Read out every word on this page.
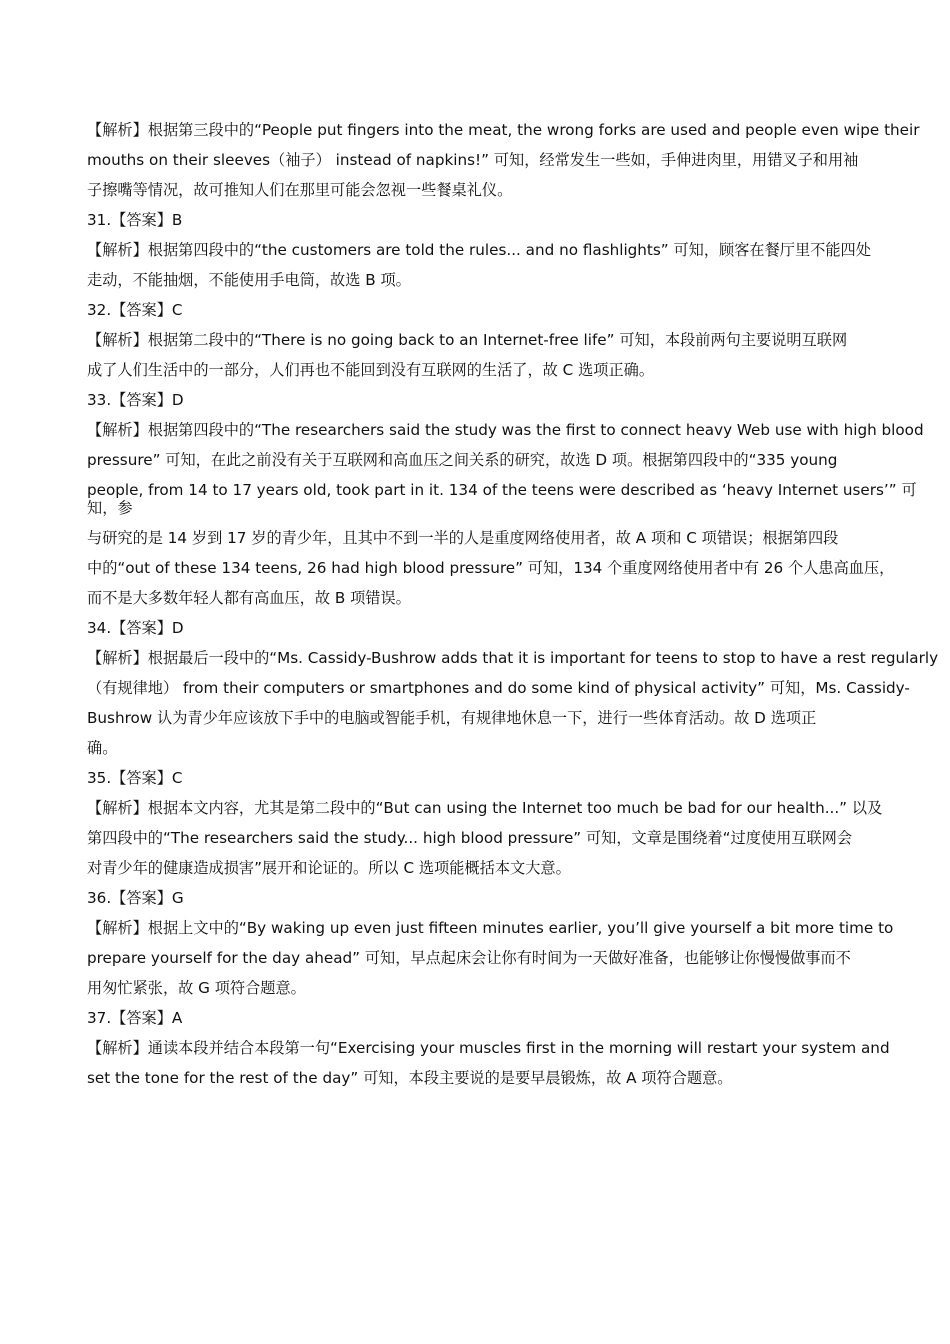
【解析】根据第三段中的“People put fingers into the meat, the wrong forks are used and people even wipe their
mouths on their sleeves（袖子） instead of napkins!” 可知，经常发生一些如，手伸进肉里，用错叉子和用袖
子擦嘴等情况，故可推知人们在那里可能会忽视一些餐桌礼仪。
31.【答案】B
【解析】根据第四段中的“the customers are told the rules... and no flashlights” 可知，顾客在餐厅里不能四处
走动，不能抽烟，不能使用手电筒，故选 B 项。
32.【答案】C
【解析】根据第二段中的“There is no going back to an Internet-free life” 可知，本段前两句主要说明互联网
成了人们生活中的一部分，人们再也不能回到没有互联网的生活了，故 C 选项正确。
33.【答案】D
【解析】根据第四段中的“The researchers said the study was the first to connect heavy Web use with high blood
pressure” 可知，在此之前没有关于互联网和高血压之间关系的研究，故选 D 项。根据第四段中的“335 young
people, from 14 to 17 years old, took part in it. 134 of the teens were described as ‘heavy Internet users’” 可知，参
与研究的是 14 岁到 17 岁的青少年，且其中不到一半的人是重度网络使用者，故 A 项和 C 项错误；根据第四段
中的“out of these 134 teens, 26 had high blood pressure” 可知，134 个重度网络使用者中有 26 个人患高血压，
而不是大多数年轻人都有高血压，故 B 项错误。
34.【答案】D
【解析】根据最后一段中的“Ms. Cassidy-Bushrow adds that it is important for teens to stop to have a rest regularly
（有规律地） from their computers or smartphones and do some kind of physical activity” 可知，Ms. Cassidy-
Bushrow 认为青少年应该放下手中的电脑或智能手机，有规律地休息一下，进行一些体育活动。故 D 选项正
确。
35.【答案】C
【解析】根据本文内容，尤其是第二段中的“But can using the Internet too much be bad for our health...” 以及
第四段中的“The researchers said the study... high blood pressure” 可知，文章是围绕着“过度使用互联网会
对青少年的健康造成损害”展开和论证的。所以 C 选项能概括本文大意。
36.【答案】G
【解析】根据上文中的“By waking up even just fifteen minutes earlier, you’ll give yourself a bit more time to
prepare yourself for the day ahead” 可知，早点起床会让你有时间为一天做好准备，也能够让你慢慢做事而不
用匆忙紧张，故 G 项符合题意。
37.【答案】A
【解析】通读本段并结合本段第一句“Exercising your muscles first in the morning will restart your system and
set the tone for the rest of the day” 可知，本段主要说的是要早晨锻炼，故 A 项符合题意。
